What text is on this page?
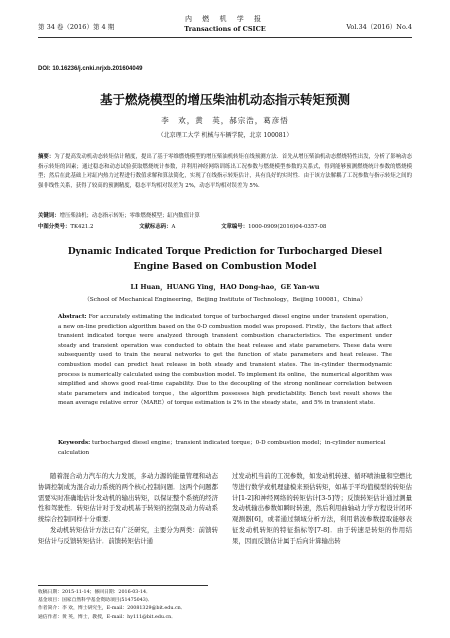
第 34 卷（2016）第 4 期
内 燃 机 学 报
Transactions of CSICE	Vol.34（2016）No.4
DOI: 10.16236/j.cnki.nrjxb.201604049
基于燃烧模型的增压柴油机动态指示转矩预测
李　欢，黄　英，郝宗浩，葛彦悟
（北京理工大学 机械与车辆学院，北京 100081）
摘要：为了提高发动机动态转矩估计精度，提出了基于零维燃烧模型的增压柴油机转矩在线预测方法．首先从增压柴油机动态燃烧特性出发，分析了影响动态指示转矩的因素；通过稳态和动态试验获取燃烧统计参数，并利用神经网络训练出工况参数与燃烧模型参数的关系式，得到能够预测燃烧统计参数的燃烧模型；然后在此基础上对缸内热力过程进行数值求解和算法简化，实现了在线指示转矩估计，具有良好的实时性．由于该方法解耦了工况参数与指示转矩之间的强非线性关系，获得了较高的预测精度，稳态平均相对误差为 2%，动态平均相对误差为 5%．
关键词：增压柴油机；动态指示转矩；零维燃烧模型；缸内数值计算
中图分类号：TK421.2	文献标志码：A	文章编号：1000-0909(2016)04-0357-08
Dynamic Indicated Torque Prediction for Turbocharged Diesel
Engine Based on Combustion Model
LI Huan，HUANG Ying，HAO Dong-hao，GE Yan-wu
（School of Mechanical Engineering，Beijing Institute of Technology，Beijing 100081，China）
Abstract: For accurately estimating the indicated torque of turbocharged diesel engine under transient operation，a new on-line prediction algorithm based on the 0-D combustion model was proposed. Firstly，the factors that affect transient indicated torque were analyzed through transient combustion characteristics. The experiment under steady and transient operation was conducted to obtain the heat release and state parameters. These data were subsequently used to train the neural networks to get the function of state parameters and heat release. The combustion model can predict heat release in both steady and transient states. The in-cylinder thermodynamic process is numerically calculated using the combustion model. To implement its online，the numerical algorithm was simplified and shows good real-time capability. Due to the decoupling of the strong nonlinear correlation between state parameters and indicated torque，the algorithm possesses high predictability. Bench test result shows the mean average relative error（MARE）of torque estimation is 2% in the steady state，and 5% in transient state.
Keywords: turbocharged diesel engine；transient indicated torque；0-D combustion model；in-cylinder numerical calculation

随着混合动力汽车的大力发展，多动力源的能量管理和动态协调控制成为混合动力系统的两个核心控制问题．这两个问题都需要实时准确地估计发动机的输出转矩，以保证整个系统的经济性和驾驶性．转矩估计对于发动机基于转矩的控制及动力传动系统综合控制同样十分重要．

发动机转矩估计方法已有广泛研究，主要分为两类：前馈转矩估计与反馈转矩估计．前馈转矩估计通

过发动机当前的工况参数，如发动机转速、循环喷油量和空燃比等进行数学或机理建模来预估转矩，如基于平均值模型的转矩估计[1-2]和神经网络的转矩估计[3-5]等；反馈转矩估计通过测量发动机输出参数如瞬时转速，然后利用曲轴动力学方程设计闭环观测器[6]，或者通过频域分析方法，利用谐波参数提取能够表征发动机转矩的特征指标等[7-8]．由于转速是转矩的作用结果，因而反馈估计属于后向计算输出转

收稿日期：2015-11-14；修回日期：2016-03-14．
基金项目：国家自然科学基金资助项目(51475043)．
作者简介：李 欢，博士研究生，E-mail：20081329@bit.edu.cn．
通信作者：黄 英，博士，教授，E-mail：hy111@bit.edu.cn．
